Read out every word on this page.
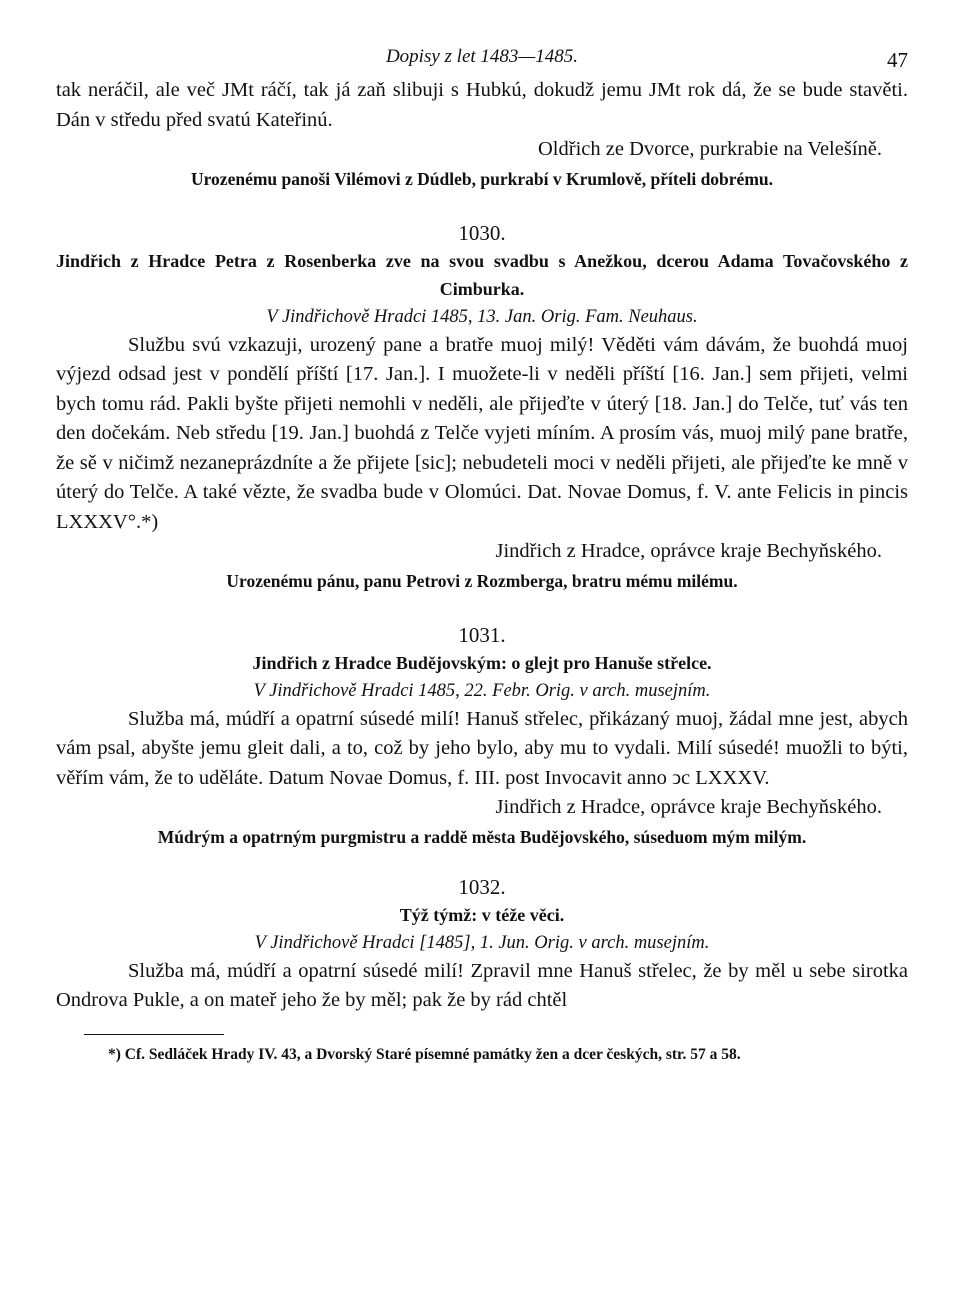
Dopisy z let 1483—1485.	47

tak neráčil, ale več JMt ráčí, tak já zaň slibuji s Hubkú, dokudž jemu JMt rok dá, že se bude stavěti. Dán v středu před svatú Kateřinú.

Oldřich ze Dvorce, purkrabie na Velešíně.

Urozenému panoši Vilémovi z Dúdleb, purkrabí v Krumlově, příteli dobrému.

1030.

Jindřich z Hradce Petra z Rosenberka zve na svou svadbu s Anežkou, dcerou Adama Tovačovského z Cimburka.

V Jindřichově Hradci 1485, 13. Jan. Orig. Fam. Neuhaus.

Službu svú vzkazuji, urozený pane a bratře muoj milý! Věděti vám dávám, že buohdá muoj výjezd odsad jest v pondělí příští [17. Jan.]. I muožete-li v neděli příští [16. Jan.] sem přijeti, velmi bych tomu rád. Pakli byšte přijeti nemohli v neděli, ale přijeďte v úterý [18. Jan.] do Telče, tuť vás ten den dočekám. Neb středu [19. Jan.] buohdá z Telče vyjeti míním. A prosím vás, muoj milý pane bratře, že sě v ničimž nezaneprázdníte a že přijete [sic]; nebudeteli moci v neděli přijeti, ale přijeďte ke mně v úterý do Telče. A také vězte, že svadba bude v Olomúci. Dat. Novae Domus, f. V. ante Felicis in pincis LXXXV°.*)

Jindřich z Hradce, oprávce kraje Bechyňského.

Urozenému pánu, panu Petrovi z Rozmberga, bratru mému milému.

1031.

Jindřich z Hradce Budějovským: o glejt pro Hanuše střelce.

V Jindřichově Hradci 1485, 22. Febr. Orig. v arch. musejním.

Služba má, múdří a opatrní súsedé milí! Hanuš střelec, přikázaný muoj, žádal mne jest, abych vám psal, abyšte jemu gleit dali, a to, což by jeho bylo, aby mu to vydali. Milí súsedé! muožli to býti, věřím vám, že to uděláte. Datum Novae Domus, f. III. post Invocavit anno ↄc LXXXV.

Jindřich z Hradce, oprávce kraje Bechyňského.

Múdrým a opatrným purgmistru a raddě města Budějovského, súseduom mým milým.

1032.

Týž týmž: v téže věci.

V Jindřichově Hradci [1485], 1. Jun. Orig. v arch. musejním.

Služba má, múdří a opatrní súsedé milí! Zpravil mne Hanuš střelec, že by měl u sebe sirotka Ondrova Pukle, a on mateř jeho že by měl; pak že by rád chtěl

*) Cf. Sedláček Hrady IV. 43, a Dvorský Staré písemné památky žen a dcer českých, str. 57 a 58.
